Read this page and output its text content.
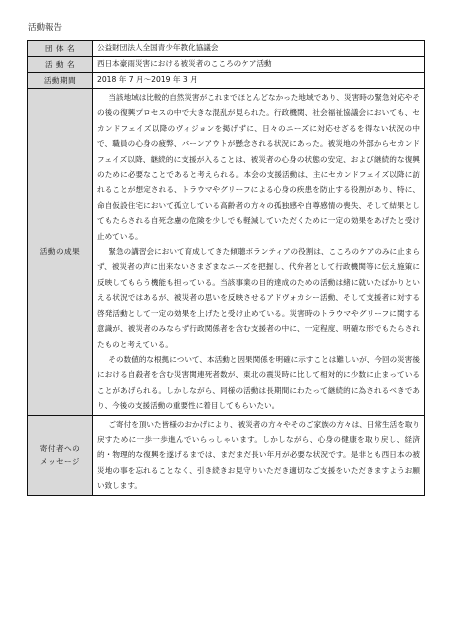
活動報告
団 体 名	公益財団法人全国青少年教化協議会

活 動 名	西日本豪雨災害における被災者のこころのケア活動

活動期間	2018 年 7 月〜2019 年 3 月

活動の成果	当該地域は比較的自然災害がこれまでほとんどなかった地域であり、災害時の緊急対応やその後の復興プロセスの中で大きな混乱が見られた。行政機関、社会福祉協議会においても、セカンドフェイズ以降のヴィジョンを掲げずに、日々のニーズに対応せざるを得ない状況の中で、職員の心身の疲弊、バーンアウトが懸念される状況にあった。被災地の外部からセカンドフェイズ以降、継続的に支援が入ることは、被災者の心身の状態の安定、および継続的な復興のために必要なことであると考えられる。本会の支援活動は、主にセカンドフェイズ以降に訪れることが想定される、トラウマやグリーフによる心身の疾患を防止する役割があり、特に、命自仮設住宅において孤立している高齢者の方々の孤独感や自尊感情の喪失、そして結果としてもたらされる自死念慮の危険を少しでも軽減していただくために一定の効果をあげたと受け止めている。

緊急の講習会において育成してきた傾聴ボランティアの役割は、こころのケアのみに止まらず、被災者の声に出来ないさまざまなニーズを把握し、代弁者として行政機関等に伝え施策に反映してもらう機能も担っている。当該事業の目的達成のための活動は緒に就いたばかりといえる状況ではあるが、被災者の思いを反映させるアドヴォカシー活動、そして支援者に対する啓発活動として一定の効果を上げたと受け止めている。災害時のトラウマやグリーフに関する意識が、被災者のみならず行政関係者を含む支援者の中に、一定程度、明確な形でもたらされたものと考えている。

その数値的な根拠について、本活動と因果関係を明確に示すことは難しいが、今回の災害後における自殺者を含む災害関連死者数が、東北の震災時に比して相対的に少数に止まっていることがあげられる。しかしながら、同様の活動は長期間にわたって継続的に為されるべきであり、今後の支援活動の重要性に着目してもらいたい。

寄付者への
メッセージ	ご寄付を頂いた皆様のおかげにより、被災者の方々やそのご家族の方々は、日常生活を取り戻すために一歩一歩進んでいらっしゃいます。しかしながら、心身の健康を取り戻し、経済的・物理的な復興を遂げるまでは、まだまだ長い年月が必要な状況です。是非とも西日本の被災地の事を忘れることなく、引き続きお見守りいただき適切なご支援をいただきますようお願い致します。
